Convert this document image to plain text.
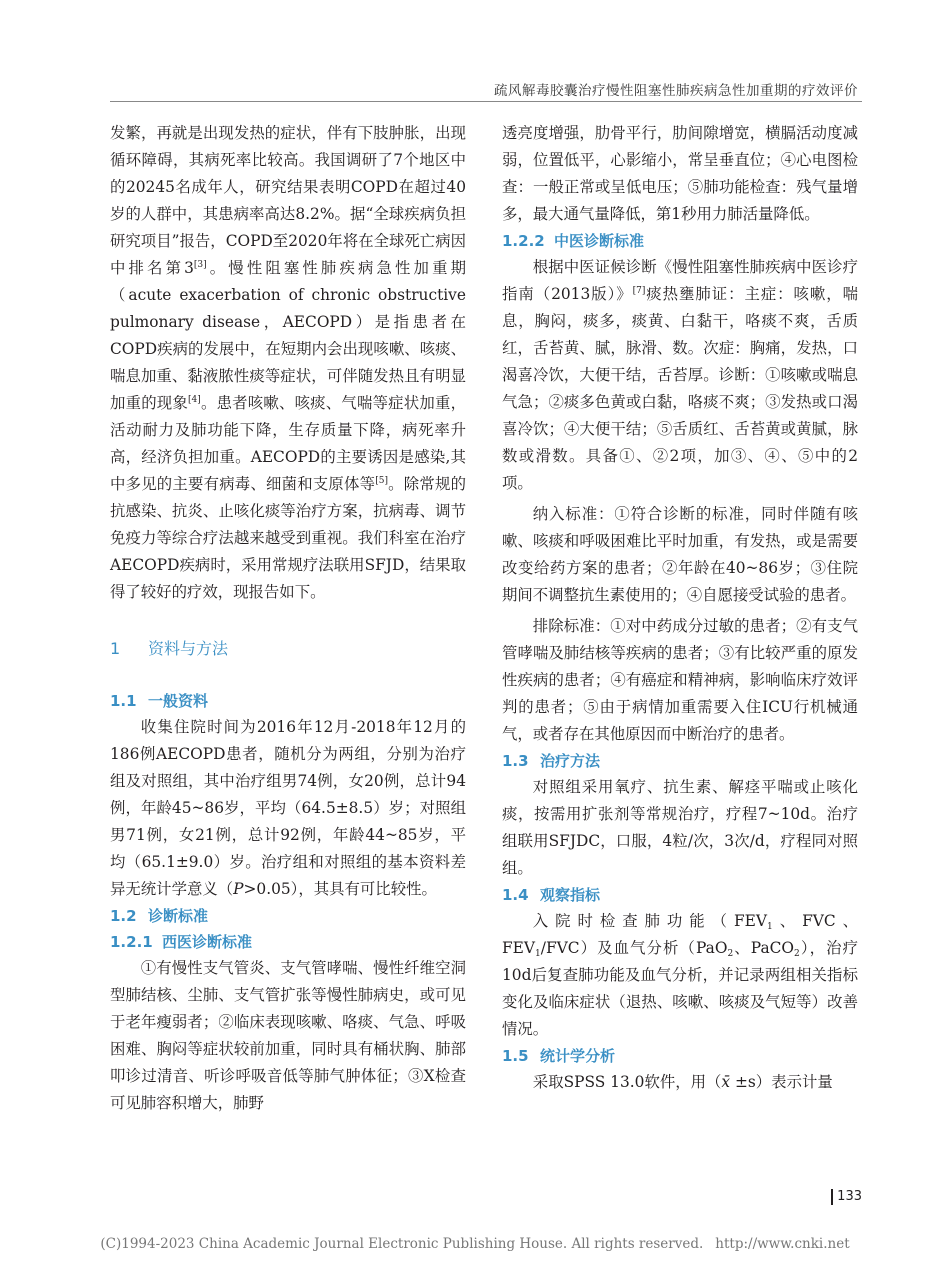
疏风解毒胶囊治疗慢性阻塞性肺疾病急性加重期的疗效评价

发繁，再就是出现发热的症状，伴有下肢肿胀，出现循环障碍，其病死率比较高。我国调研了7个地区中的20245名成年人，研究结果表明COPD在超过40岁的人群中，其患病率高达8.2%。据“全球疾病负担研究项目”报告，COPD至2020年将在全球死亡病因中排名第3[3]。慢性阻塞性肺疾病急性加重期（acute exacerbation of chronic obstructive pulmonary disease，AECOPD）是指患者在COPD疾病的发展中，在短期内会出现咳嗽、咳痰、喘息加重、黏液脓性痰等症状，可伴随发热且有明显加重的现象[4]。患者咳嗽、咳痰、气喘等症状加重，活动耐力及肺功能下降，生存质量下降，病死率升高，经济负担加重。AECOPD的主要诱因是感染,其中多见的主要有病毒、细菌和支原体等[5]。除常规的抗感染、抗炎、止咳化痰等治疗方案，抗病毒、调节免疫力等综合疗法越来越受到重视。我们科室在治疗AECOPD疾病时，采用常规疗法联用SFJD，结果取得了较好的疗效，现报告如下。

1 资料与方法
1.1 一般资料

收集住院时间为2016年12月-2018年12月的186例AECOPD患者，随机分为两组，分别为治疗组及对照组，其中治疗组男74例，女20例，总计94例，年龄45~86岁，平均（64.5±8.5）岁；对照组男71例，女21例，总计92例，年龄44~85岁，平均（65.1±9.0）岁。治疗组和对照组的基本资料差异无统计学意义（P>0.05），其具有可比较性。

1.2 诊断标准
1.2.1 西医诊断标准

①有慢性支气管炎、支气管哮喘、慢性纤维空洞型肺结核、尘肺、支气管扩张等慢性肺病史，或可见于老年瘦弱者；②临床表现咳嗽、咯痰、气急、呼吸困难、胸闷等症状较前加重，同时具有桶状胸、肺部叩诊过清音、听诊呼吸音低等肺气肿体征；③X检查可见肺容积增大，肺野

透亮度增强，肋骨平行，肋间隙增宽，横膈活动度减弱，位置低平，心影缩小，常呈垂直位；④心电图检查：一般正常或呈低电压；⑤肺功能检查：残气量增多，最大通气量降低，第1秒用力肺活量降低。

1.2.2 中医诊断标准

根据中医证候诊断《慢性阻塞性肺疾病中医诊疗指南（2013版）》[7]痰热壅肺证：主症：咳嗽，喘息，胸闷，痰多，痰黄、白黏干，咯痰不爽，舌质红，舌苔黄、腻，脉滑、数。次症：胸痛，发热，口渴喜冷饮，大便干结，舌苔厚。诊断：①咳嗽或喘息气急；②痰多色黄或白黏，咯痰不爽；③发热或口渴喜冷饮；④大便干结；⑤舌质红、舌苔黄或黄腻，脉数或滑数。具备①、②2项，加③、④、⑤中的2项。

纳入标准：①符合诊断的标准，同时伴随有咳嗽、咳痰和呼吸困难比平时加重，有发热，或是需要改变给药方案的患者；②年龄在40~86岁；③住院期间不调整抗生素使用的；④自愿接受试验的患者。

排除标准：①对中药成分过敏的患者；②有支气管哮喘及肺结核等疾病的患者；③有比较严重的原发性疾病的患者；④有癌症和精神病，影响临床疗效评判的患者；⑤由于病情加重需要入住ICU行机械通气，或者存在其他原因而中断治疗的患者。

1.3 治疗方法

对照组采用氧疗、抗生素、解痉平喘或止咳化痰，按需用扩张剂等常规治疗，疗程7~10d。治疗组联用SFJDC，口服，4粒/次，3次/d，疗程同对照组。

1.4 观察指标

入院时检查肺功能（$FEV_1$、FVC、$FEV_1/FVC$）及血气分析（PaO$_2$、PaCO$_2$），治疗10d后复查肺功能及血气分析，并记录两组相关指标变化及临床症状（退热、咳嗽、咳痰及气短等）改善情况。

1.5 统计学分析

采取SPSS 13.0软件，用（x̄ ±s）表示计量

133
(C)1994-2023 China Academic Journal Electronic Publishing House. All rights reserved. http://www.cnki.net
